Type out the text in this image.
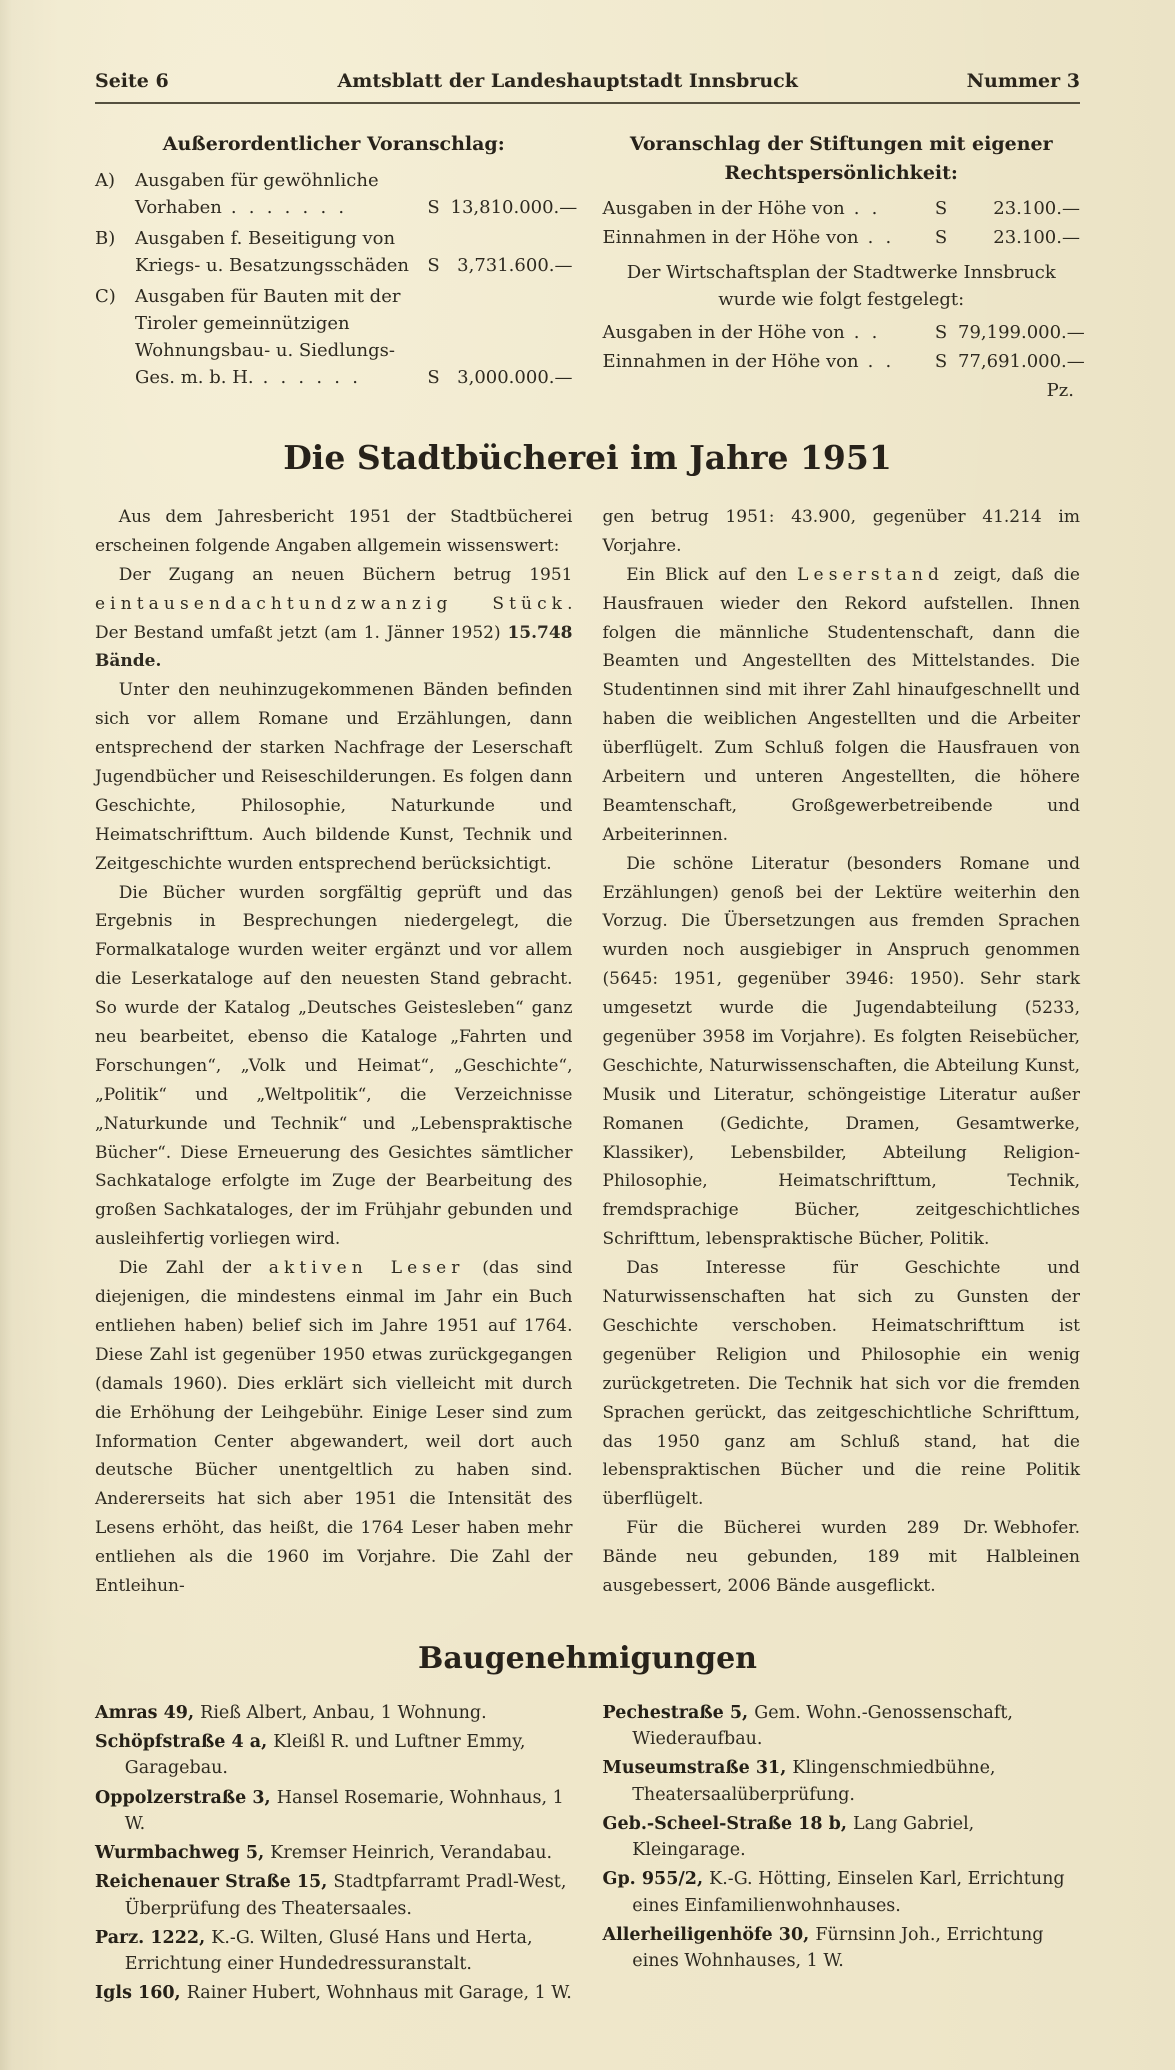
Seite 6	Amtsblatt der Landeshauptstadt Innsbruck	Nummer 3
Außerordentlicher Voranschlag:
A)	Ausgaben für gewöhnliche Vorhaben . . . . . . .	S 13,810.000.—
B)	Ausgaben f. Beseitigung von Kriegs- u. Besatzungsschäden	S 3,731.600.—
C)	Ausgaben für Bauten mit der Tiroler gemeinnützigen Wohnungsbau- u. Siedlungs-Ges. m. b. H. . . . . . .	S 3,000.000.—
Voranschlag der Stiftungen mit eigener Rechtspersönlichkeit:
Ausgaben in der Höhe von . .	S	23.100.—
Einnahmen in der Höhe von . .	S	23.100.—

Der Wirtschaftsplan der Stadtwerke Innsbruck wurde wie folgt festgelegt:

Ausgaben in der Höhe von . .	S 79,199.000.—
Einnahmen in der Höhe von . .	S 77,691.000.—
Pz.
Die Stadtbücherei im Jahre 1951

Aus dem Jahresbericht 1951 der Stadtbücherei erscheinen folgende Angaben allgemein wissenswert:

Der Zugang an neuen Büchern betrug 1951 eintausendachtundzwanzig Stück. Der Bestand umfaßt jetzt (am 1. Jänner 1952) 15.748 Bände.

Unter den neuhinzugekommenen Bänden befinden sich vor allem Romane und Erzählungen, dann entsprechend der starken Nachfrage der Leserschaft Jugendbücher und Reiseschilderungen. Es folgen dann Geschichte, Philosophie, Naturkunde und Heimatschrifttum. Auch bildende Kunst, Technik und Zeitgeschichte wurden entsprechend berücksichtigt.

Die Bücher wurden sorgfältig geprüft und das Ergebnis in Besprechungen niedergelegt, die Formalkataloge wurden weiter ergänzt und vor allem die Leserkataloge auf den neuesten Stand gebracht. So wurde der Katalog „Deutsches Geistesleben“ ganz neu bearbeitet, ebenso die Kataloge „Fahrten und Forschungen“, „Volk und Heimat“, „Geschichte“, „Politik“ und „Weltpolitik“, die Verzeichnisse „Naturkunde und Technik“ und „Lebenspraktische Bücher“. Diese Erneuerung des Gesichtes sämtlicher Sachkataloge erfolgte im Zuge der Bearbeitung des großen Sachkataloges, der im Frühjahr gebunden und ausleihfertig vorliegen wird.

Die Zahl der aktiven Leser (das sind diejenigen, die mindestens einmal im Jahr ein Buch entliehen haben) belief sich im Jahre 1951 auf 1764. Diese Zahl ist gegenüber 1950 etwas zurückgegangen (damals 1960). Dies erklärt sich vielleicht mit durch die Erhöhung der Leihgebühr. Einige Leser sind zum Information Center abgewandert, weil dort auch deutsche Bücher unentgeltlich zu haben sind. Andererseits hat sich aber 1951 die Intensität des Lesens erhöht, das heißt, die 1764 Leser haben mehr entliehen als die 1960 im Vorjahre. Die Zahl der Entleihun-

gen betrug 1951: 43.900, gegenüber 41.214 im Vorjahre.

Ein Blick auf den Leserstand zeigt, daß die Hausfrauen wieder den Rekord aufstellen. Ihnen folgen die männliche Studentenschaft, dann die Beamten und Angestellten des Mittelstandes. Die Studentinnen sind mit ihrer Zahl hinaufgeschnellt und haben die weiblichen Angestellten und die Arbeiter überflügelt. Zum Schluß folgen die Hausfrauen von Arbeitern und unteren Angestellten, die höhere Beamtenschaft, Großgewerbetreibende und Arbeiterinnen.

Die schöne Literatur (besonders Romane und Erzählungen) genoß bei der Lektüre weiterhin den Vorzug. Die Übersetzungen aus fremden Sprachen wurden noch ausgiebiger in Anspruch genommen (5645: 1951, gegenüber 3946: 1950). Sehr stark umgesetzt wurde die Jugendabteilung (5233, gegenüber 3958 im Vorjahre). Es folgten Reisebücher, Geschichte, Naturwissenschaften, die Abteilung Kunst, Musik und Literatur, schöngeistige Literatur außer Romanen (Gedichte, Dramen, Gesamtwerke, Klassiker), Lebensbilder, Abteilung Religion-Philosophie, Heimatschrifttum, Technik, fremdsprachige Bücher, zeitgeschichtliches Schrifttum, lebenspraktische Bücher, Politik.

Das Interesse für Geschichte und Naturwissenschaften hat sich zu Gunsten der Geschichte verschoben. Heimatschrifttum ist gegenüber Religion und Philosophie ein wenig zurückgetreten. Die Technik hat sich vor die fremden Sprachen gerückt, das zeitgeschichtliche Schrifttum, das 1950 ganz am Schluß stand, hat die lebenspraktischen Bücher und die reine Politik überflügelt.

Dr. Webhofer.
Für die Bücherei wurden 289 Bände neu gebunden, 189 mit Halbleinen ausgebessert, 2006 Bände ausgeflickt.

Baugenehmigungen

Amras 49, Rieß Albert, Anbau, 1 Wohnung.

Schöpfstraße 4 a, Kleißl R. und Luftner Emmy, Garagebau.

Oppolzerstraße 3, Hansel Rosemarie, Wohnhaus, 1 W.

Wurmbachweg 5, Kremser Heinrich, Verandabau.

Reichenauer Straße 15, Stadtpfarramt Pradl-West, Überprüfung des Theatersaales.

Parz. 1222, K.-G. Wilten, Glusé Hans und Herta, Errichtung einer Hundedressuranstalt.

Igls 160, Rainer Hubert, Wohnhaus mit Garage, 1 W.

Pechestraße 5, Gem. Wohn.-Genossenschaft, Wiederaufbau.

Museumstraße 31, Klingenschmiedbühne, Theatersaalüberprüfung.

Geb.-Scheel-Straße 18 b, Lang Gabriel, Kleingarage.

Gp. 955/2, K.-G. Hötting, Einselen Karl, Errichtung eines Einfamilienwohnhauses.

Allerheiligenhöfe 30, Fürnsinn Joh., Errichtung eines Wohnhauses, 1 W.
